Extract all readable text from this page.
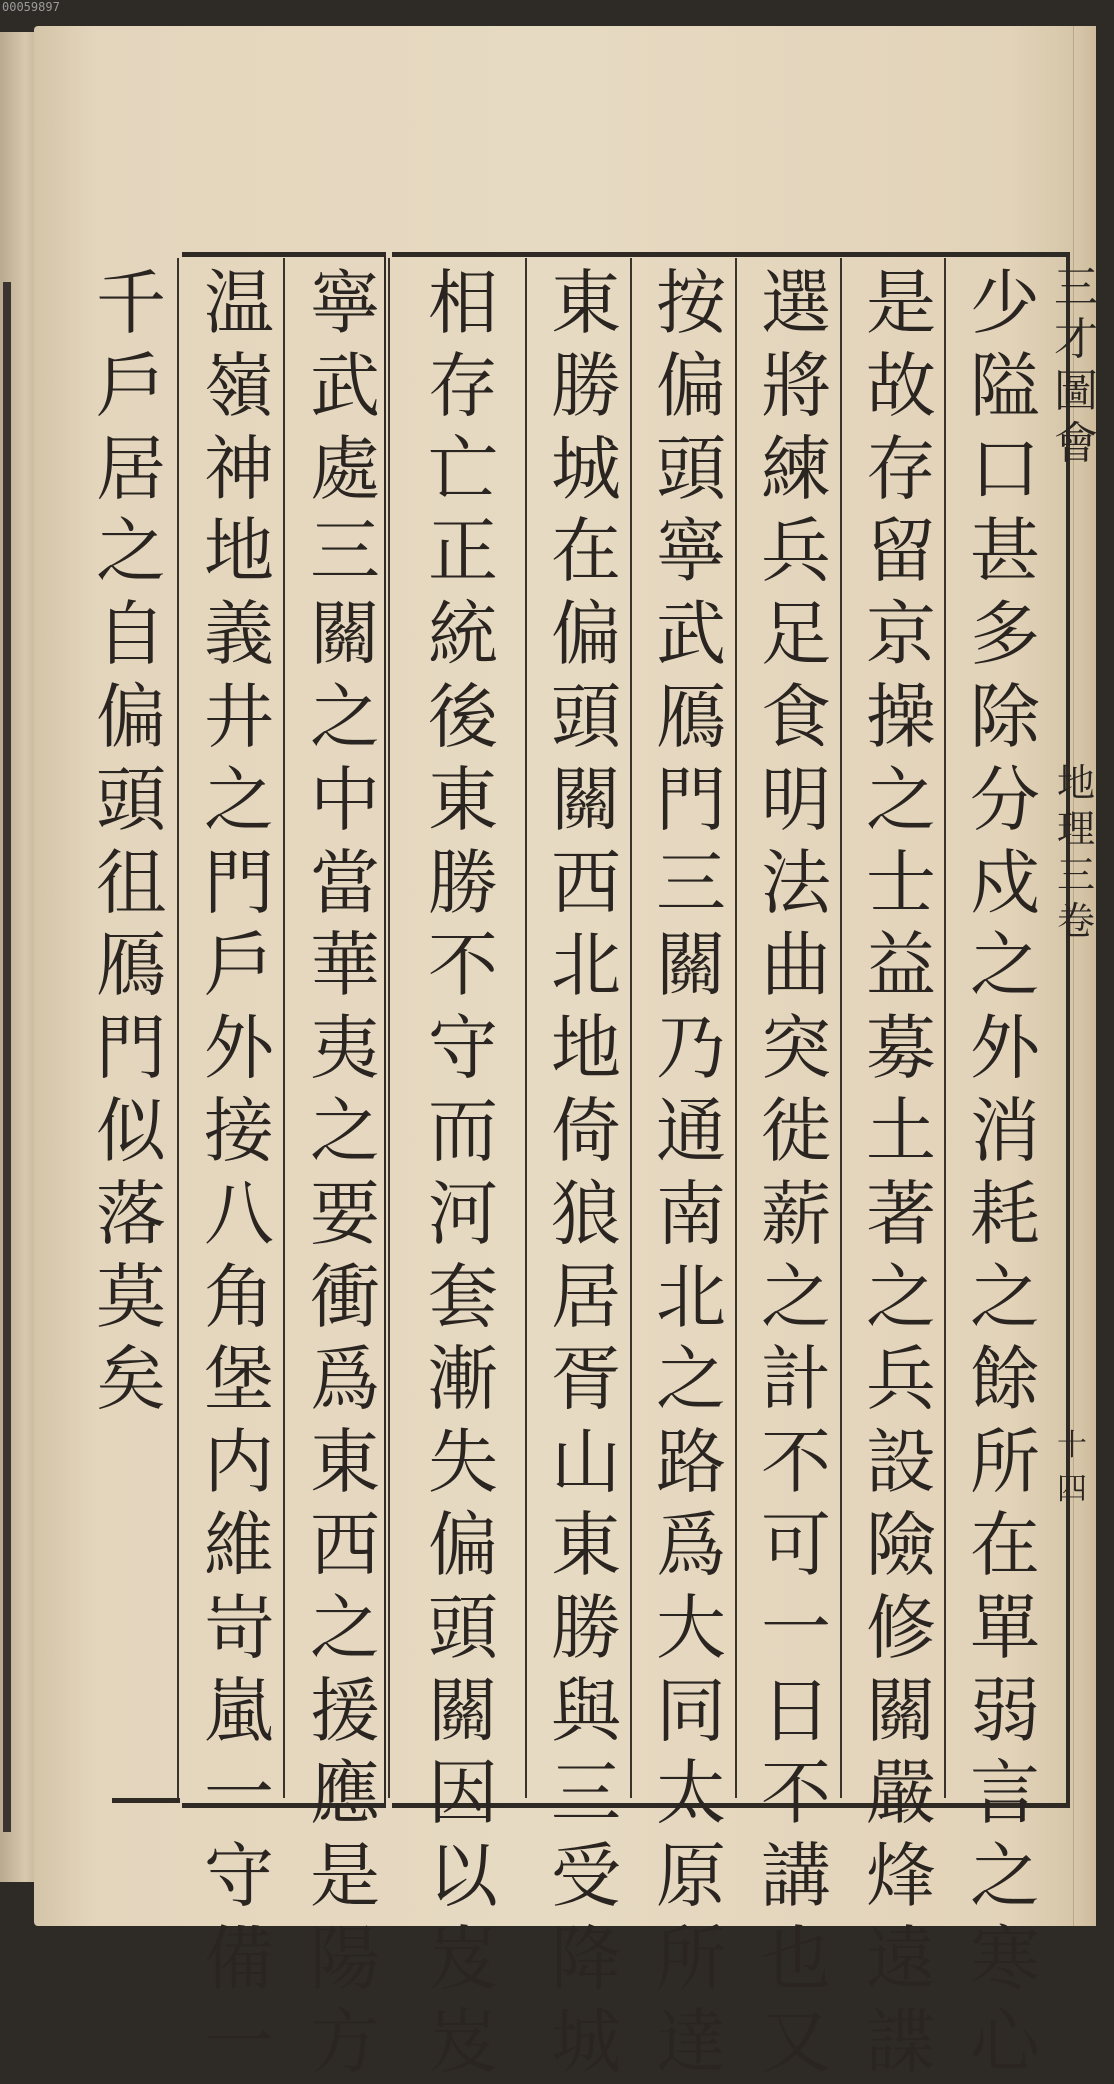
00059897
三
才
圖
會
地
理
三
卷
十四
少
隘
口
甚
多
除
分
戍
之
外
消
耗
之
餘
所
在
單
弱
言
之
寒
心
是
故
存
留
京
操
之
士
益
募
土
著
之
兵
設
險
修
關
嚴
烽
遠
諜
選
將
練
兵
足
食
明
法
曲
突
徙
薪
之
計
不
可
一
日
不
講
也
又
按
偏
頭
寧
武
鴈
門
三
關
乃
通
南
北
之
路
爲
大
同
太
原
所
達
東
勝
城
在
偏
頭
關
西
北
地
倚
狼
居
胥
山
東
勝
與
三
受
降
城
相
存
亡
正
統
後
東
勝
不
守
而
河
套
漸
失
偏
頭
關
因
以
岌
岌
寧
武
處
三
關
之
中
當
華
夷
之
要
衝
爲
東
西
之
援
應
是
陽
方
温
嶺
神
地
義
井
之
門
戶
外
接
八
角
堡
内
維
岢
嵐
一
守
備
一
千
戶
居
之
自
偏
頭
徂
鴈
門
似
落
莫
矣
